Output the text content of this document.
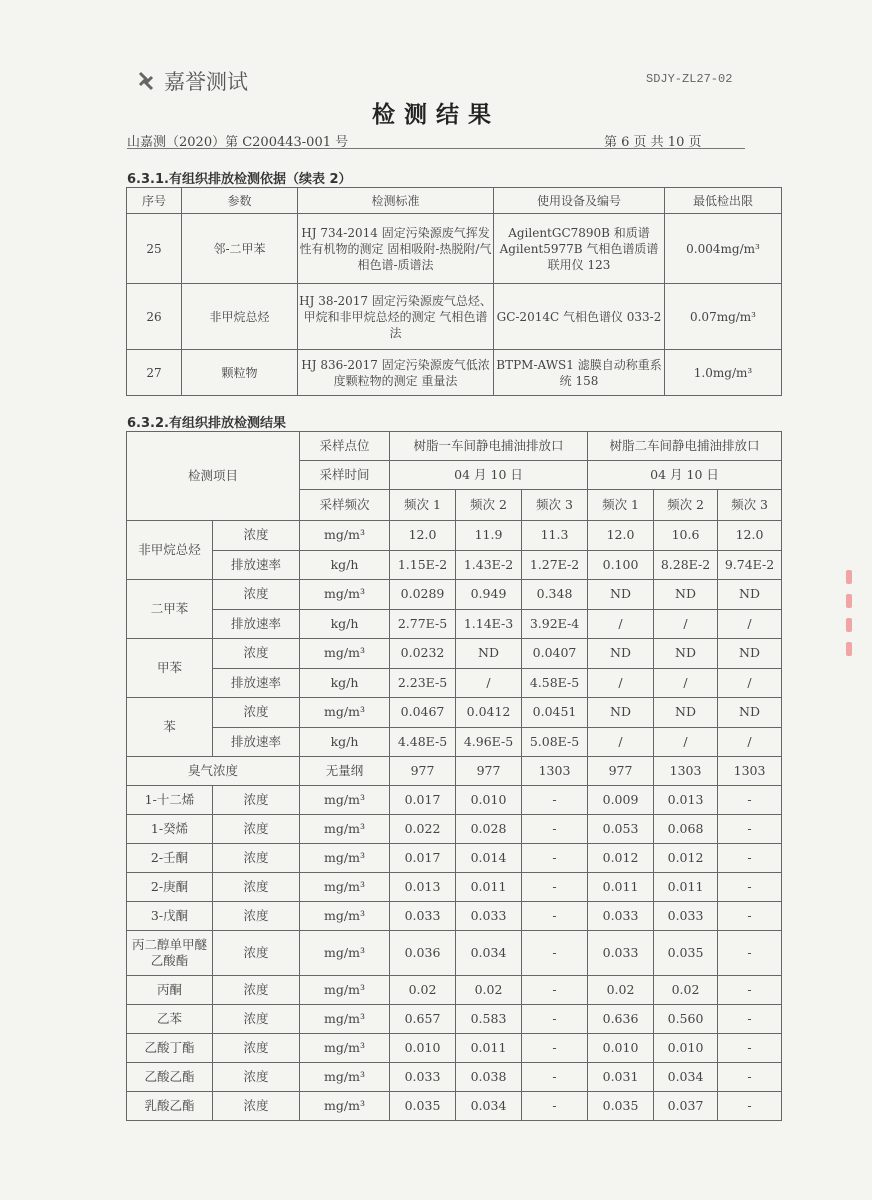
嘉誉测试	SDJY-ZL27-02
检测结果
山嘉测（2020）第 C200443-001 号	第 6 页 共 10 页
6.3.1.有组织排放检测依据（续表 2）
序号	参数	检测标准	使用设备及编号	最低检出限
25	邻-二甲苯	HJ 734-2014 固定污染源废气挥发性有机物的测定 固相吸附-热脱附/气相色谱-质谱法	AgilentGC7890B 和质谱 Agilent5977B 气相色谱质谱联用仪 123	0.004mg/m³
26	非甲烷总烃	HJ 38-2017 固定污染源废气总烃、甲烷和非甲烷总烃的测定 气相色谱法	GC-2014C 气相色谱仪 033-2	0.07mg/m³
27	颗粒物	HJ 836-2017 固定污染源废气低浓度颗粒物的测定 重量法	BTPM-AWS1 滤膜自动称重系统 158	1.0mg/m³
6.3.2.有组织排放检测结果
检测项目		采样点位	树脂一车间静电捕油排放口			树脂二车间静电捕油排放口		
		采样时间	04 月 10 日			04 月 10 日		
		采样频次	频次 1	频次 2	频次 3	频次 1	频次 2	频次 3
非甲烷总烃	浓度	mg/m³	12.0	11.9	11.3	12.0	10.6	12.0
	排放速率	kg/h	1.15E-2	1.43E-2	1.27E-2	0.100	8.28E-2	9.74E-2
二甲苯	浓度	mg/m³	0.0289	0.949	0.348	ND	ND	ND
	排放速率	kg/h	2.77E-5	1.14E-3	3.92E-4	/	/	/
甲苯	浓度	mg/m³	0.0232	ND	0.0407	ND	ND	ND
	排放速率	kg/h	2.23E-5	/	4.58E-5	/	/	/
苯	浓度	mg/m³	0.0467	0.0412	0.0451	ND	ND	ND
	排放速率	kg/h	4.48E-5	4.96E-5	5.08E-5	/	/	/
臭气浓度		无量纲	977	977	1303	977	1303	1303
1-十二烯	浓度	mg/m³	0.017	0.010	-	0.009	0.013	-
1-癸烯	浓度	mg/m³	0.022	0.028	-	0.053	0.068	-
2-壬酮	浓度	mg/m³	0.017	0.014	-	0.012	0.012	-
2-庚酮	浓度	mg/m³	0.013	0.011	-	0.011	0.011	-
3-戊酮	浓度	mg/m³	0.033	0.033	-	0.033	0.033	-
丙二醇单甲醚乙酸酯	浓度	mg/m³	0.036	0.034	-	0.033	0.035	-
丙酮	浓度	mg/m³	0.02	0.02	-	0.02	0.02	-
乙苯	浓度	mg/m³	0.657	0.583	-	0.636	0.560	-
乙酸丁酯	浓度	mg/m³	0.010	0.011	-	0.010	0.010	-
乙酸乙酯	浓度	mg/m³	0.033	0.038	-	0.031	0.034	-
乳酸乙酯	浓度	mg/m³	0.035	0.034	-	0.035	0.037	-
